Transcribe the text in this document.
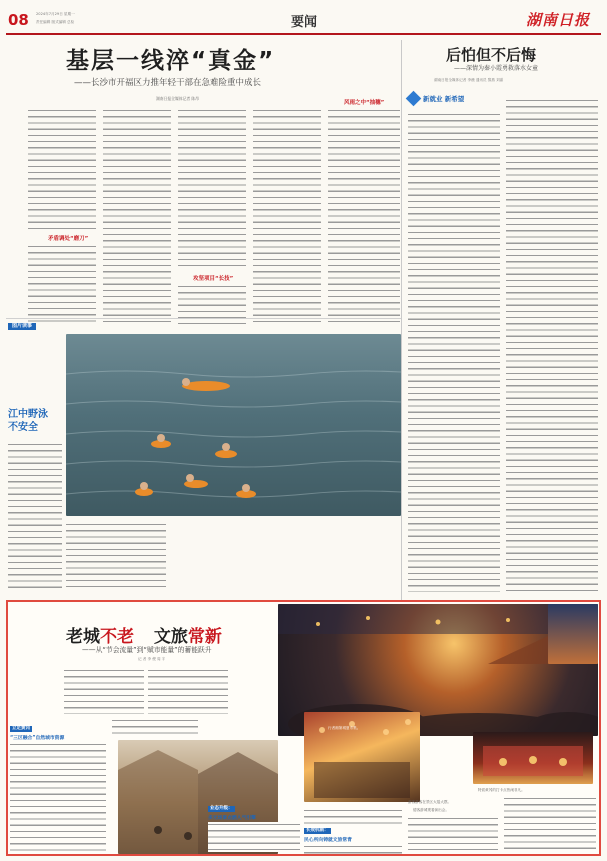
08 2024年7月29日 星期一
责任编辑 版式编辑 总检	要闻	湖南日报
基层一线淬“真金”
——长沙市开福区力推年轻干部在急难险重中成长
湖南日报全媒体记者 陈昂
矛盾调处“磨刀”
攻坚项目“长技”
风雨之中“抽穗”
后怕但不后悔
——深情为秦小霞勇救落水女童
湖南日报全媒体记者 李薇 通讯员 黎燕 刘嘉
新就业 新希望
图片读事
江中野泳
不安全
老城不老 文旅常新
——从“节会流量”到“赋市能量”的蓄能跃升
记 者 李 俊 周 宇
行者湘第城夏市集。
特质黄冈的打卡点热闹非凡。
游客游客在景区大摇大摆。
德客游城观看演出会。
立足黄冈
“三区融合”自然城市资源
业态升级：
多元场景点燃人气引擎
长效机制：
民心所向铸就文旅常青
